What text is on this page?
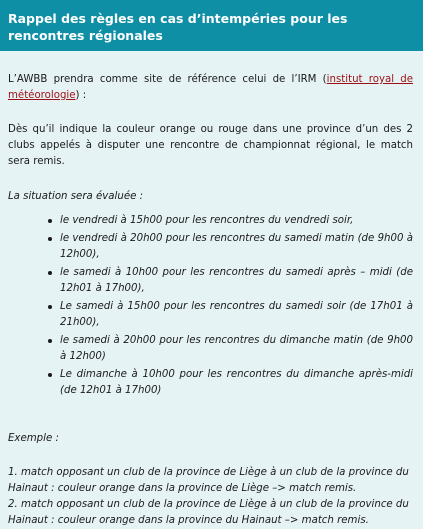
Rappel des règles en cas d’intempéries pour les rencontres régionales

L’AWBB prendra comme site de référence celui de l’IRM (institut royal de météorologie) :

Dès qu’il indique la couleur orange ou rouge dans une province d’un des 2 clubs appelés à disputer une rencontre de championnat régional, le match sera remis.

La situation sera évaluée :

le vendredi à 15h00 pour les rencontres du vendredi soir,
le vendredi à 20h00 pour les rencontres du samedi matin (de 9h00 à 12h00),
le samedi à 10h00 pour les rencontres du samedi après – midi (de 12h01 à 17h00),
Le samedi à 15h00 pour les rencontres du samedi soir (de 17h01 à 21h00),
le samedi à 20h00 pour les rencontres du dimanche matin (de 9h00 à 12h00)
Le dimanche à 10h00 pour les rencontres du dimanche après-midi (de 12h01 à 17h00)

Exemple :

1. match opposant un club de la province de Liège à un club de la province du Hainaut : couleur orange dans la province de Liège –> match remis.

2. match opposant un club de la province de Liège à un club de la province du Hainaut : couleur orange dans la province du Hainaut –> match remis.
